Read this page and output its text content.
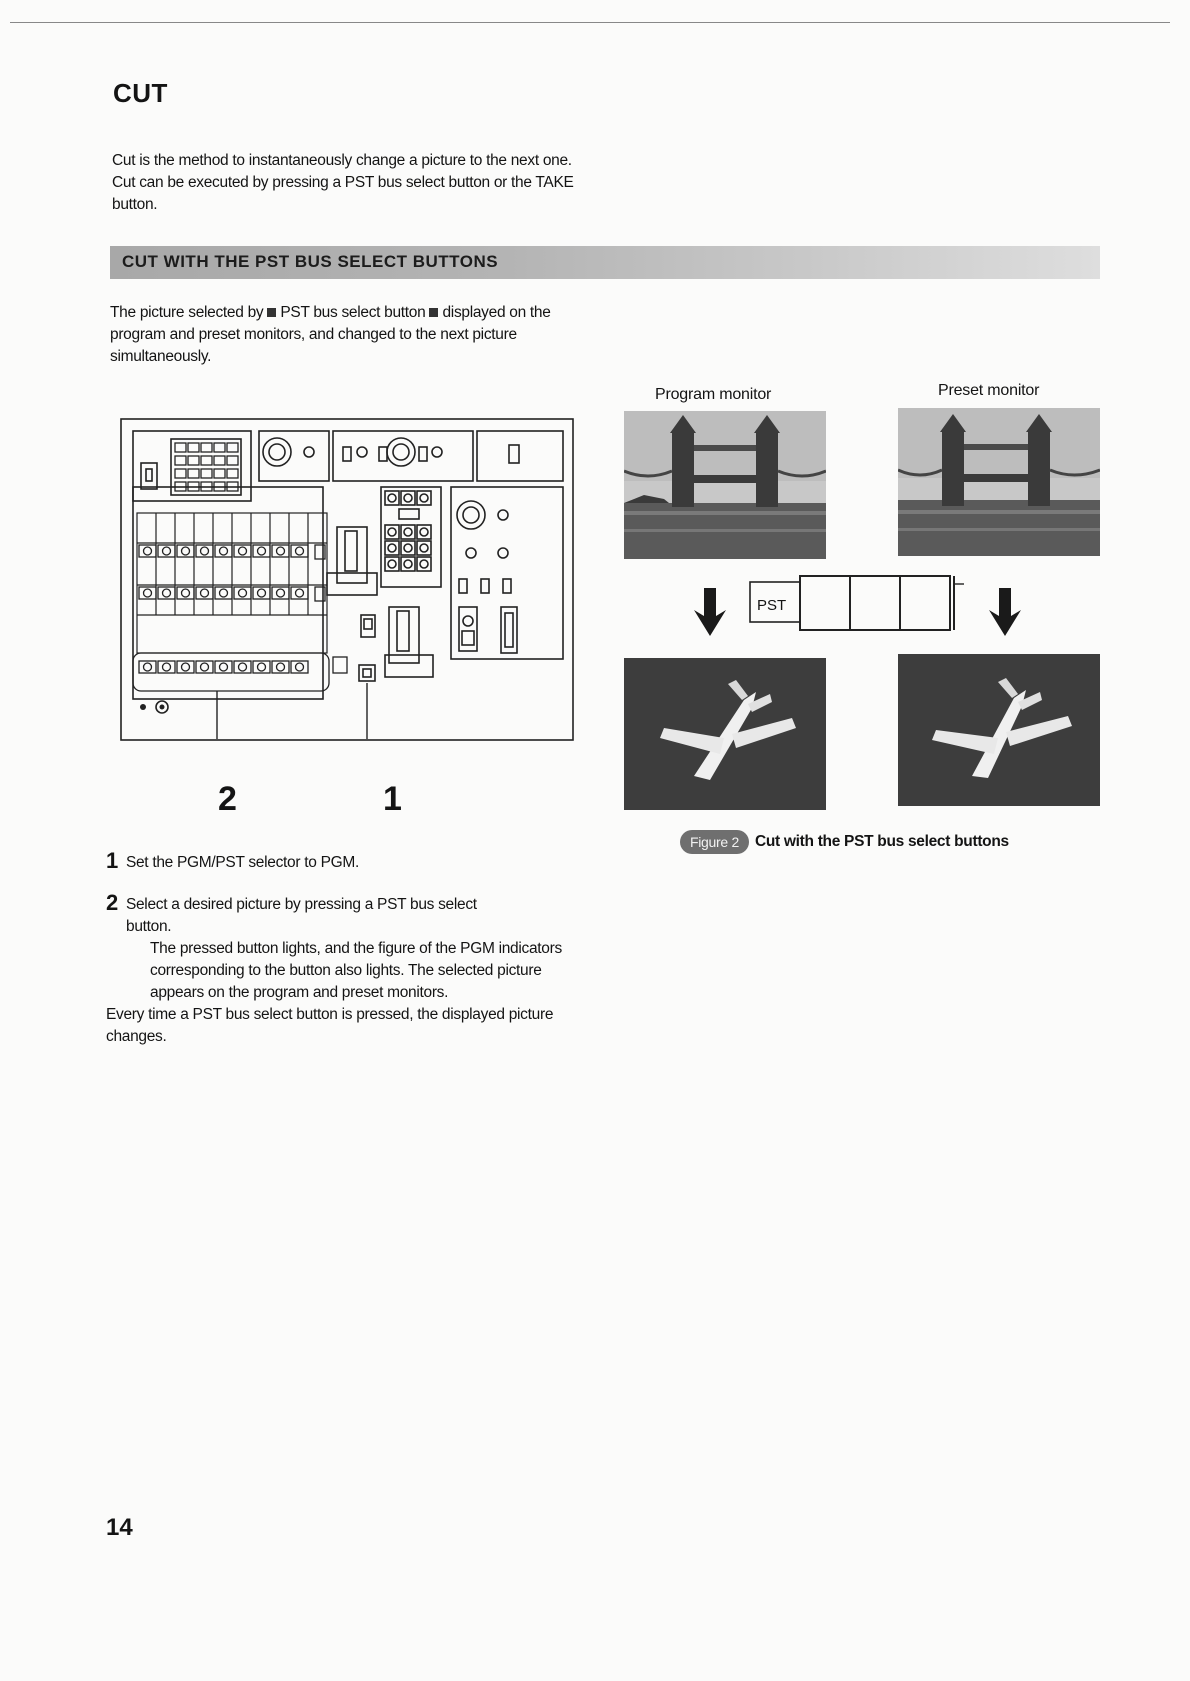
CUT

Cut is the method to instantaneously change a picture to the next one. Cut can be executed by pressing a PST bus select button or the TAKE button.

CUT WITH THE PST BUS SELECT BUTTONS

The picture selected by PST bus select button displayed on the program and preset monitors, and changed to the next picture simultaneously.

2	1
Program monitor	Preset monitor
PST
Figure 2	Cut with the PST bus select buttons

1 Set the PGM/PST selector to PGM.

2 Select a desired picture by pressing a PST bus select

button.

The pressed button lights, and the figure of the PGM indicators corresponding to the button also lights. The selected picture appears on the program and preset monitors.

Every time a PST bus select button is pressed, the displayed picture changes.

14
